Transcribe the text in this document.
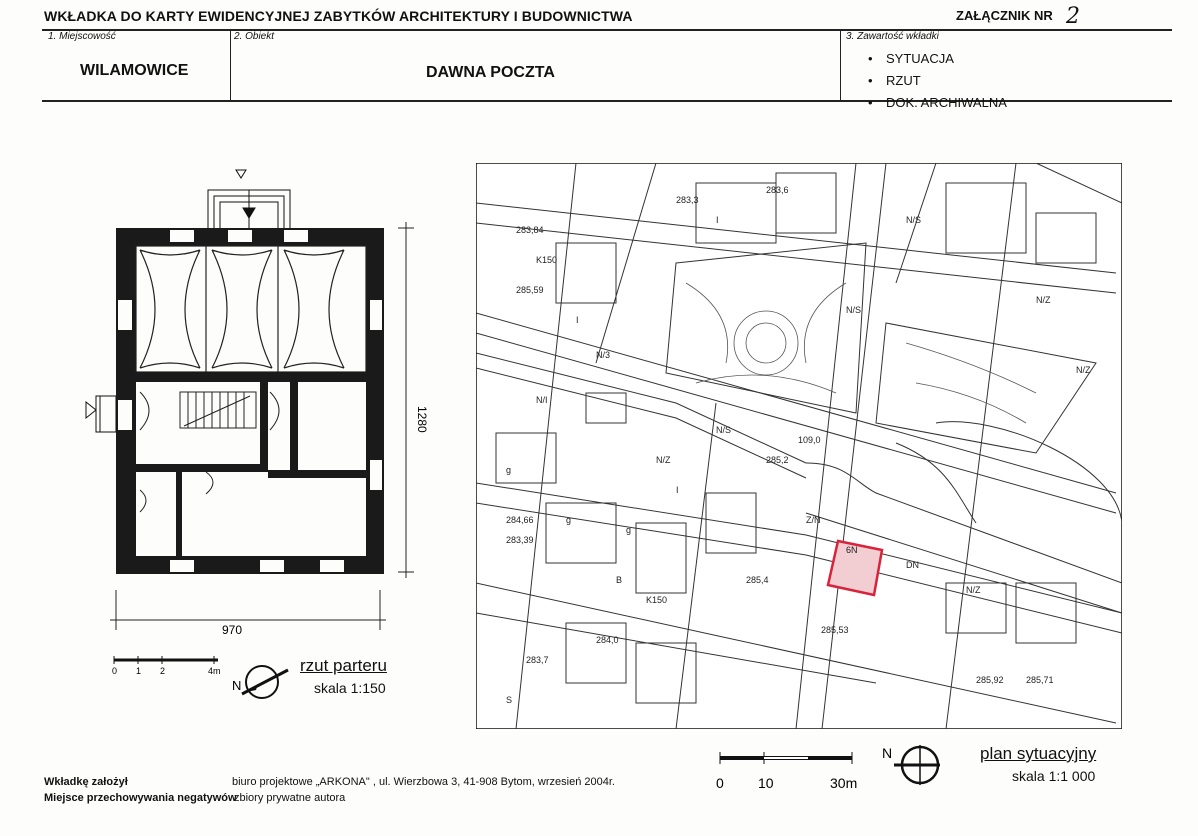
WKŁADKA DO KARTY EWIDENCYJNEJ ZABYTKÓW ARCHITEKTURY I BUDOWNICTWA	ZAŁĄCZNIK NR 2
1. Miejscowość
WILAMOWICE
2. Obiekt
DAWNA POCZTA
3. Zawartość wkładki
• SYTUACJA
• RZUT
• DOK. ARCHIWALNA
1280
970
0 1 2	4m
N
rzut parteru
skala 1:150
N/S
N/3
N/S
N/Z
N/Z
N/I
N/S
N/Z
N/Z
6N
Z/N
DN
283,3
283,6
285,2
109,0
283,84
285,59
285,92 285,71
283,7
285,53
284,0
285,4
283,39
284,66
K150
K150
g
g
g
B
S
I
I
I
0 10	30m
N	plan sytuacyjny
skala 1:1 000
Wkładkę założył	biuro projektowe „ARKONA" , ul. Wierzbowa 3, 41-908 Bytom, wrzesień 2004r.
Miejsce przechowywania negatywów
zbiory prywatne autora
